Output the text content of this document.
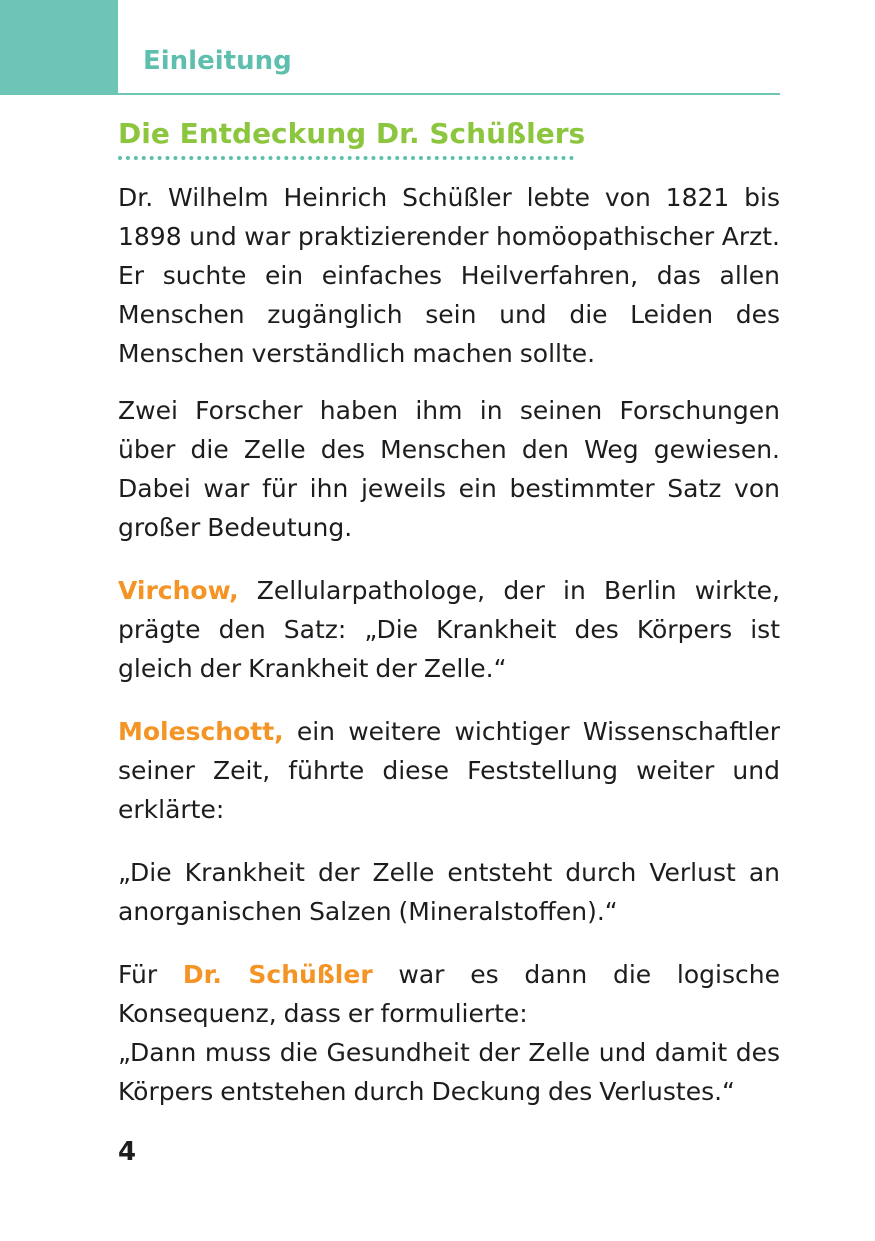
Einleitung
Die Entdeckung Dr. Schüßlers

Dr. Wilhelm Heinrich Schüßler lebte von 1821 bis 1898 und war praktizierender homöopathischer Arzt. Er suchte ein einfaches Heilverfahren, das allen Menschen zugänglich sein und die Leiden des Menschen verständlich machen sollte.

Zwei Forscher haben ihm in seinen Forschungen über die Zelle des Menschen den Weg gewiesen. Dabei war für ihn jeweils ein bestimmter Satz von großer Bedeutung.

Virchow, Zellularpathologe, der in Berlin wirkte, prägte den Satz: „Die Krankheit des Körpers ist gleich der Krankheit der Zelle.“

Moleschott, ein weitere wichtiger Wissenschaftler seiner Zeit, führte diese Feststellung weiter und erklärte:

„Die Krankheit der Zelle entsteht durch Verlust an anorganischen Salzen (Mineralstoffen).“

Für Dr. Schüßler war es dann die logische Konsequenz, dass er formulierte:

„Dann muss die Gesundheit der Zelle und damit des Körpers entstehen durch Deckung des Verlustes.“

4
